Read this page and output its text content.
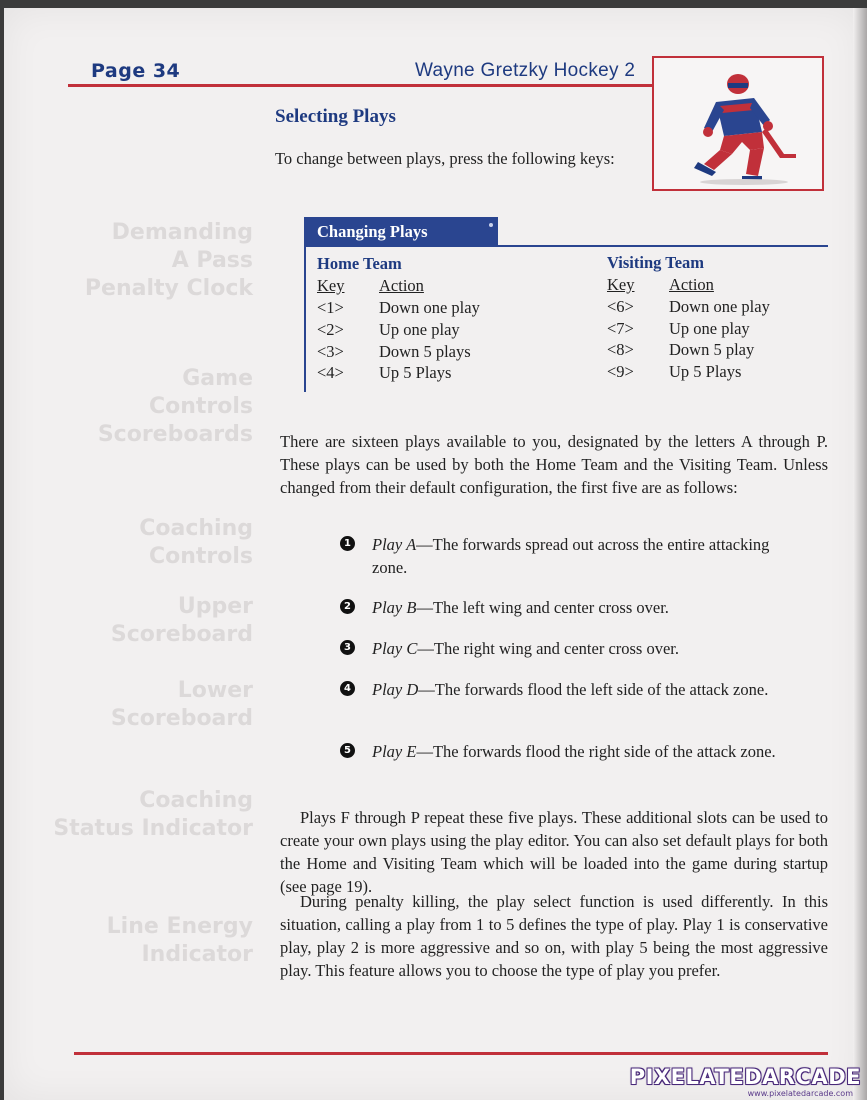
Demanding
A Pass
Penalty Clock
Game
Controls
Scoreboards
Coaching
Controls
Upper
Scoreboard
Lower
Scoreboard
Coaching
Status Indicator
Line Energy
Indicator
Page 34	Wayne Gretzky Hockey 2
Selecting Plays
To change between plays, press the following keys:
Changing Plays
Home Team
Key Action
<1> Down one play
<2> Up one play
<3> Down 5 plays
<4> Up 5 Plays
Visiting Team
Key Action
<6> Down one play
<7> Up one play
<8> Down 5 play
<9> Up 5 Plays
There are sixteen plays available to you, designated by the letters A through P. These plays can be used by both the Home Team and the Visiting Team. Unless changed from their default configuration, the first five are as follows:
1 Play A—The forwards spread out across the entire attacking zone.
2 Play B—The left wing and center cross over.
3 Play C—The right wing and center cross over.
4 Play D—The forwards flood the left side of the attack zone.
5 Play E—The forwards flood the right side of the attack zone.
Plays F through P repeat these five plays. These additional slots can be used to create your own plays using the play editor. You can also set default plays for both the Home and Visiting Team which will be loaded into the game during startup (see page 19).
During penalty killing, the play select function is used differently. In this situation, calling a play from 1 to 5 defines the type of play. Play 1 is conservative play, play 2 is more aggressive and so on, with play 5 being the most aggressive play. This feature allows you to choose the type of play you prefer.
PIXELATEDARCADE
www.pixelatedarcade.com
